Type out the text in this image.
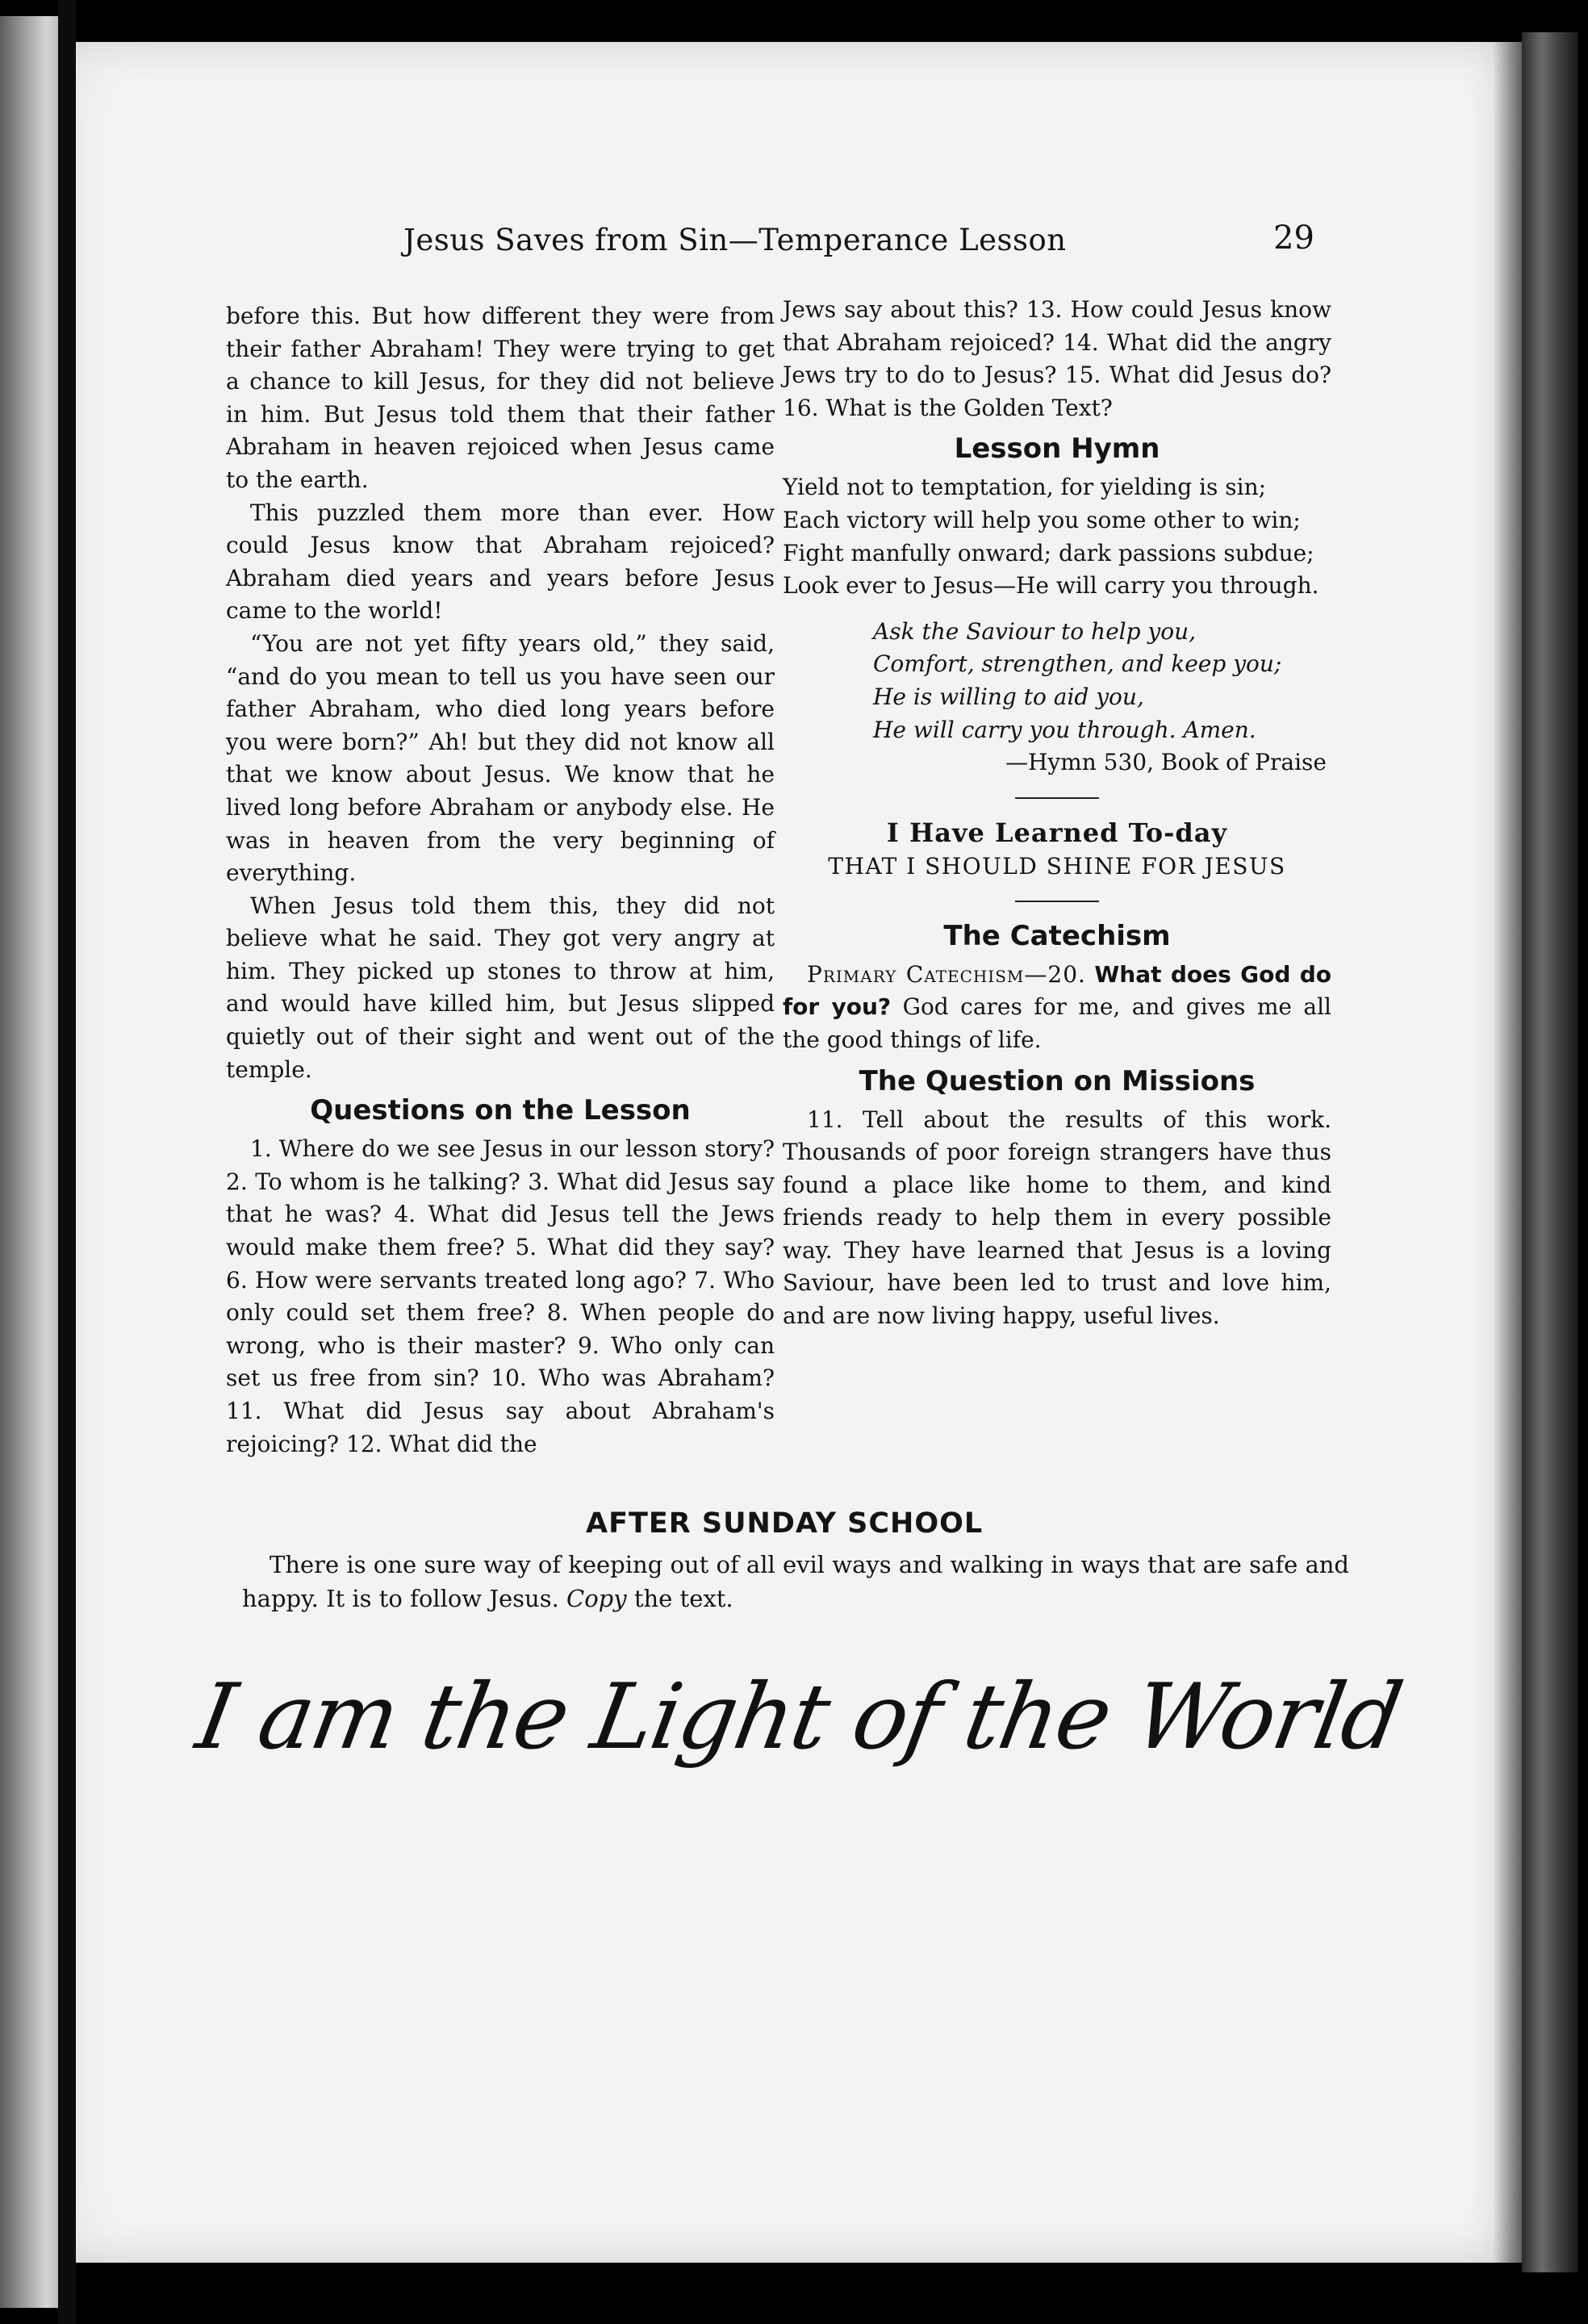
Jesus Saves from Sin—Temperance Lesson	29

before this. But how different they were from their father Abraham! They were trying to get a chance to kill Jesus, for they did not believe in him. But Jesus told them that their father Abraham in heaven rejoiced when Jesus came to the earth.

This puzzled them more than ever. How could Jesus know that Abraham rejoiced? Abraham died years and years before Jesus came to the world!

“You are not yet fifty years old,” they said, “and do you mean to tell us you have seen our father Abraham, who died long years before you were born?” Ah! but they did not know all that we know about Jesus. We know that he lived long before Abraham or anybody else. He was in heaven from the very beginning of everything.

When Jesus told them this, they did not believe what he said. They got very angry at him. They picked up stones to throw at him, and would have killed him, but Jesus slipped quietly out of their sight and went out of the temple.

Questions on the Lesson

1. Where do we see Jesus in our lesson story? 2. To whom is he talking? 3. What did Jesus say that he was? 4. What did Jesus tell the Jews would make them free? 5. What did they say? 6. How were servants treated long ago? 7. Who only could set them free? 8. When people do wrong, who is their master? 9. Who only can set us free from sin? 10. Who was Abraham? 11. What did Jesus say about Abraham's rejoicing? 12. What did the

Jews say about this? 13. How could Jesus know that Abraham rejoiced? 14. What did the angry Jews try to do to Jesus? 15. What did Jesus do? 16. What is the Golden Text?

Lesson Hymn
Yield not to temptation, for yielding is sin;
Each victory will help you some other to win;
Fight manfully onward; dark passions subdue;
Look ever to Jesus—He will carry you through.
Ask the Saviour to help you,
Comfort, strengthen, and keep you;
He is willing to aid you,
He will carry you through. Amen.
—Hymn 530, Book of Praise
I Have Learned To-day
THAT I SHOULD SHINE FOR JESUS
The Catechism

Primary Catechism—20. What does God do for you? God cares for me, and gives me all the good things of life.

The Question on Missions

11. Tell about the results of this work. Thousands of poor foreign strangers have thus found a place like home to them, and kind friends ready to help them in every possible way. They have learned that Jesus is a loving Saviour, have been led to trust and love him, and are now living happy, useful lives.

AFTER SUNDAY SCHOOL

There is one sure way of keeping out of all evil ways and walking in ways that are safe and happy. It is to follow Jesus. Copy the text.

I am the Light of the World
